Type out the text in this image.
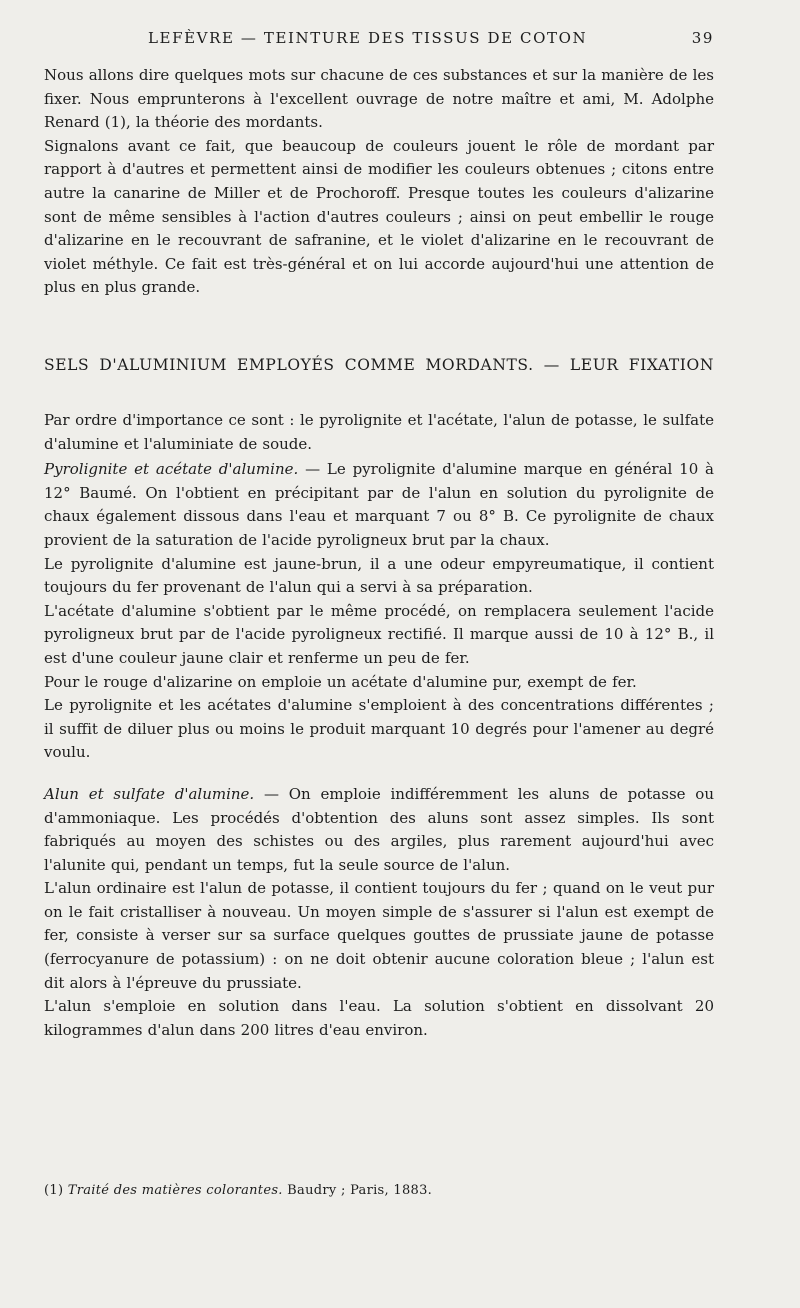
LEFÈVRE — TEINTURE DES TISSUS DE COTON	39

Nous allons dire quelques mots sur chacune de ces substances et sur la manière de les fixer. Nous emprunterons à l'excellent ouvrage de notre maître et ami, M. Adolphe Renard (1), la théorie des mordants.

Signalons avant ce fait, que beaucoup de couleurs jouent le rôle de mordant par rapport à d'autres et permettent ainsi de modifier les couleurs obtenues ; citons entre autre la canarine de Miller et de Prochoroff. Presque toutes les couleurs d'alizarine sont de même sensibles à l'action d'autres couleurs ; ainsi on peut embellir le rouge d'alizarine en le recouvrant de safranine, et le violet d'alizarine en le recouvrant de violet méthyle. Ce fait est très-général et on lui accorde aujourd'hui une attention de plus en plus grande.

SELS D'ALUMINIUM EMPLOYÉS COMME MORDANTS. — LEUR FIXATION

Par ordre d'importance ce sont : le pyrolignite et l'acétate, l'alun de potasse, le sulfate d'alumine et l'aluminiate de soude.

Pyrolignite et acétate d'alumine. — Le pyrolignite d'alumine marque en général 10 à 12° Baumé. On l'obtient en précipitant par de l'alun en solution du pyrolignite de chaux également dissous dans l'eau et marquant 7 ou 8° B. Ce pyrolignite de chaux provient de la saturation de l'acide pyroligneux brut par la chaux.

Le pyrolignite d'alumine est jaune-brun, il a une odeur empyreumatique, il contient toujours du fer provenant de l'alun qui a servi à sa préparation.

L'acétate d'alumine s'obtient par le même procédé, on remplacera seulement l'acide pyroligneux brut par de l'acide pyroligneux rectifié. Il marque aussi de 10 à 12° B., il est d'une couleur jaune clair et renferme un peu de fer.

Pour le rouge d'alizarine on emploie un acétate d'alumine pur, exempt de fer.

Le pyrolignite et les acétates d'alumine s'emploient à des concentrations différentes ; il suffit de diluer plus ou moins le produit marquant 10 degrés pour l'amener au degré voulu.

Alun et sulfate d'alumine. — On emploie indifféremment les aluns de potasse ou d'ammoniaque. Les procédés d'obtention des aluns sont assez simples. Ils sont fabriqués au moyen des schistes ou des argiles, plus rarement aujourd'hui avec l'alunite qui, pendant un temps, fut la seule source de l'alun.

L'alun ordinaire est l'alun de potasse, il contient toujours du fer ; quand on le veut pur on le fait cristalliser à nouveau. Un moyen simple de s'assurer si l'alun est exempt de fer, consiste à verser sur sa surface quelques gouttes de prussiate jaune de potasse (ferrocyanure de potassium) : on ne doit obtenir aucune coloration bleue ; l'alun est dit alors à l'épreuve du prussiate.

L'alun s'emploie en solution dans l'eau. La solution s'obtient en dissolvant 20 kilogrammes d'alun dans 200 litres d'eau environ.

(1) Traité des matières colorantes. Baudry ; Paris, 1883.
